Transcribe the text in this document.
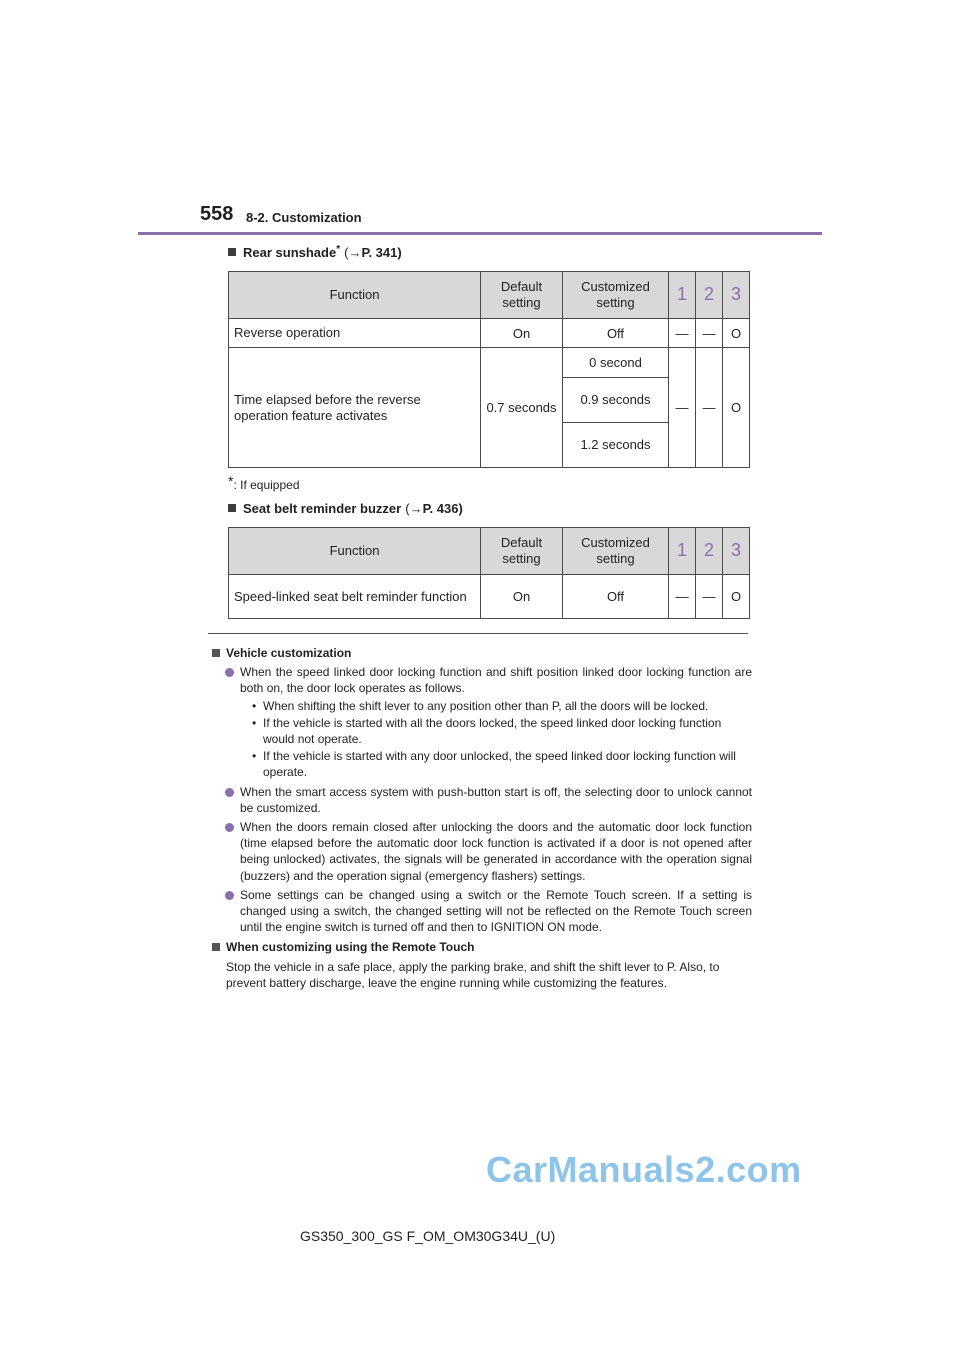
558 8-2. Customization
Rear sunshade* (→ P. 341 )
Function	Default setting	Customized setting	1	2	3
Reverse operation	On	Off	—	—	O
Time elapsed before the reverse operation feature activates	0.7 seconds	0 second	—	—	O
		0.9 seconds			
		1.2 seconds			
*: If equipped
Seat belt reminder buzzer (→ P. 436 )
Function	Default setting	Customized setting	1	2	3
Speed-linked seat belt reminder function	On	Off	—	—	O
Vehicle customization
When the speed linked door locking function and shift position linked door locking function are both on, the door lock operates as follows.
• When shifting the shift lever to any position other than P, all the doors will be locked.
• If the vehicle is started with all the doors locked, the speed linked door locking function would not operate.
• If the vehicle is started with any door unlocked, the speed linked door locking function will operate.
When the smart access system with push-button start is off, the selecting door to unlock cannot be customized.
When the doors remain closed after unlocking the doors and the automatic door lock function (time elapsed before the automatic door lock function is activated if a door is not opened after being unlocked) activates, the signals will be generated in accordance with the operation signal (buzzers) and the operation signal (emergency flashers) settings.
Some settings can be changed using a switch or the Remote Touch screen. If a setting is changed using a switch, the changed setting will not be reflected on the Remote Touch screen until the engine switch is turned off and then to IGNITION ON mode.
When customizing using the Remote Touch
Stop the vehicle in a safe place, apply the parking brake, and shift the shift lever to P. Also, to prevent battery discharge, leave the engine running while customizing the features.
CarManuals2.com
GS350_300_GS F_OM_OM30G34U_(U)
